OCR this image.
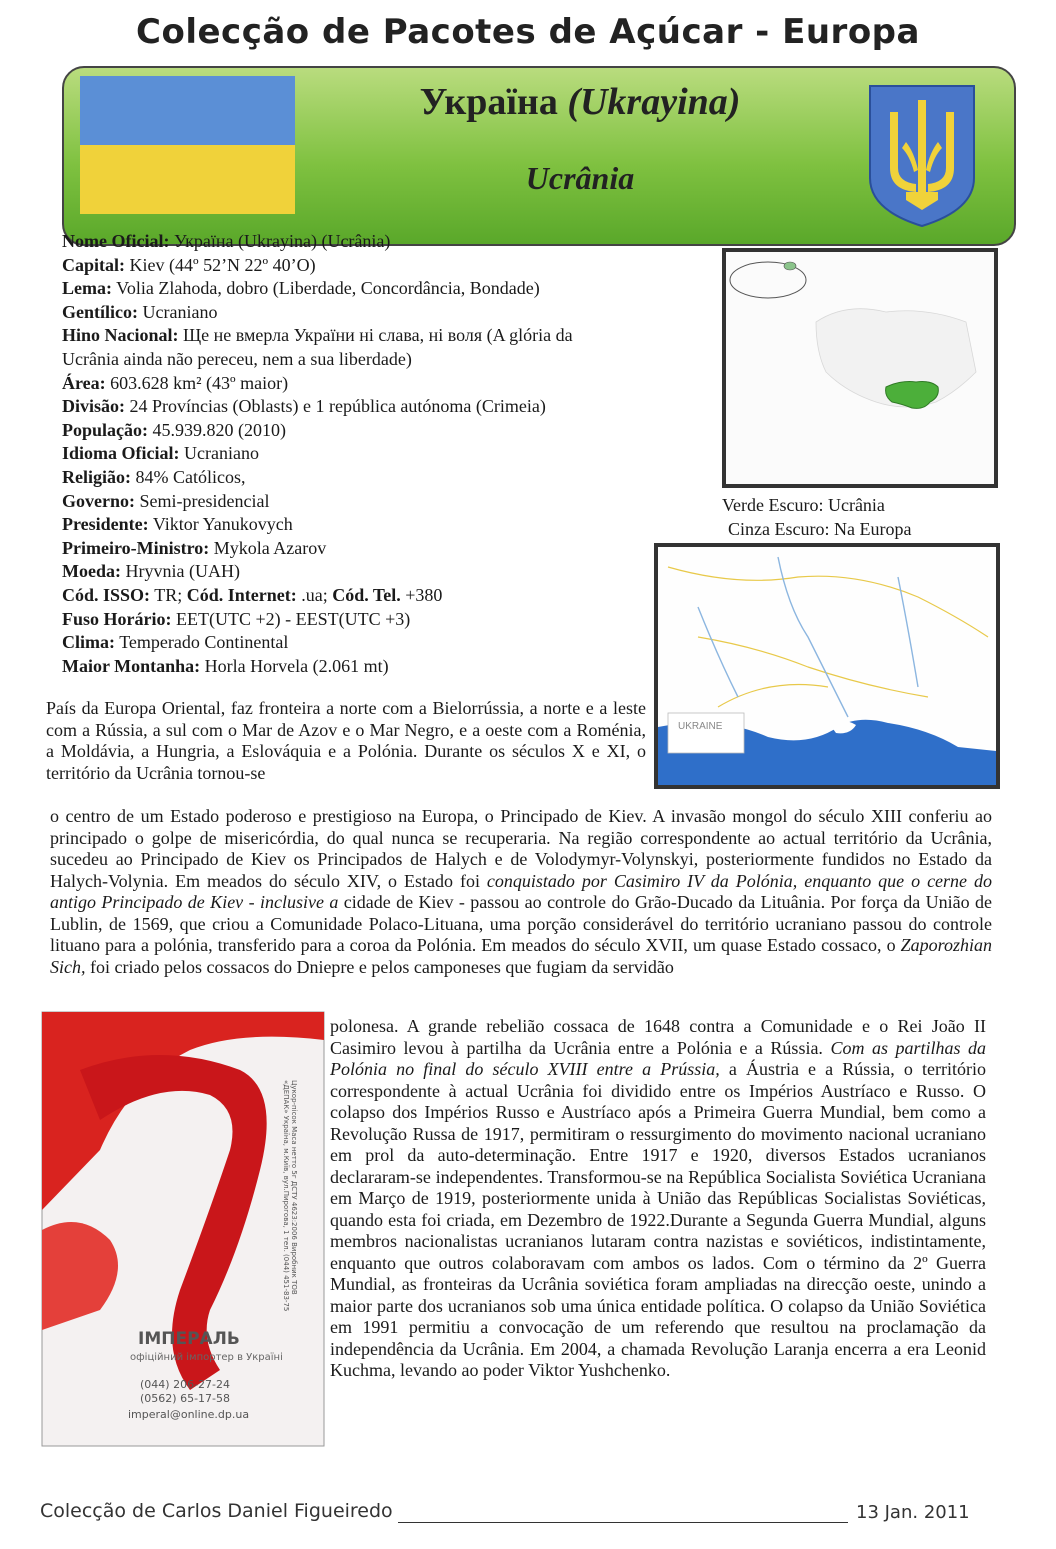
Colecção de Pacotes de Açúcar - Europa
Україна (Ukrayina)
Ucrânia
Nome Oficial: Україна (Ukrayina) (Ucrânia)
Capital: Kiev (44º 52’N 22º 40’O)
Lema: Volia Zlahoda, dobro (Liberdade, Concordância, Bondade)
Gentílico: Ucraniano
Hino Nacional: Ще не вмерла України ні слава, ні воля (A glória da
Ucrânia ainda não pereceu, nem a sua liberdade)
Área: 603.628 km² (43º maior)
Divisão: 24 Províncias (Oblasts) e 1 república autónoma (Crimeia)
População: 45.939.820 (2010)
Idioma Oficial: Ucraniano
Religião: 84% Católicos,
Governo: Semi-presidencial
Presidente: Viktor Yanukovych
Primeiro-Ministro: Mykola Azarov
Moeda: Hryvnia (UAH)
Cód. ISSO: TR; Cód. Internet: .ua; Cód. Tel. +380
Fuso Horário: EET(UTC +2) - EEST(UTC +3)
Clima: Temperado Continental
Maior Montanha: Horla Horvela (2.061 mt)
Verde Escuro: Ucrânia
Cinza Escuro: Na Europa
UKRAINE
País da Europa Oriental, faz fronteira a norte com a Bielorrússia, a norte e a leste com a Rússia, a sul com o Mar de Azov e o Mar Negro, e a oeste com a Roménia, a Moldávia, a Hungria, a Eslováquia e a Polónia. Durante os séculos X e XI, o território da Ucrânia tornou-se
o centro de um Estado poderoso e prestigioso na Europa, o Principado de Kiev. A invasão mongol do século XIII conferiu ao principado o golpe de misericórdia, do qual nunca se recuperaria. Na região correspondente ao actual território da Ucrânia, sucedeu ao Principado de Kiev os Principados de Halych e de Volodymyr-Volynskyi, posteriormente fundidos no Estado da Halych-Volynia. Em meados do século XIV, o Estado foi conquistado por Casimiro IV da Polónia, enquanto que o cerne do antigo Principado de Kiev - inclusive a cidade de Kiev - passou ao controle do Grão-Ducado da Lituânia. Por força da União de Lublin, de 1569, que criou a Comunidade Polaco-Lituana, uma porção considerável do território ucraniano passou do controle lituano para a polónia, transferido para a coroa da Polónia. Em meados do século XVII, um quase Estado cossaco, o Zaporozhian Sich, foi criado pelos cossacos do Dniepre e pelos camponeses que fugiam da servidão
polonesa. A grande rebelião cossaca de 1648 contra a Comunidade e o Rei João II Casimiro levou à partilha da Ucrânia entre a Polónia e a Rússia. Com as partilhas da Polónia no final do século XVIII entre a Prússia, a Áustria e a Rússia, o território correspondente à actual Ucrânia foi dividido entre os Impérios Austríaco e Russo. O colapso dos Impérios Russo e Austríaco após a Primeira Guerra Mundial, bem como a Revolução Russa de 1917, permitiram o ressurgimento do movimento nacional ucraniano em prol da auto-determinação. Entre 1917 e 1920, diversos Estados ucranianos declararam-se independentes. Transformou-se na República Socialista Soviética Ucraniana em Março de 1919, posteriormente unida à União das Repúblicas Socialistas Soviéticas, quando esta foi criada, em Dezembro de 1922.Durante a Segunda Guerra Mundial, alguns membros nacionalistas ucranianos lutaram contra nazistas e soviéticos, indistintamente, enquanto que outros colaboravam com ambos os lados. Com o término da 2º Guerra Mundial, as fronteiras da Ucrânia soviética foram ampliadas na direcção oeste, unindo a maior parte dos ucranianos sob uma única entidade política. O colapso da União Soviética em 1991 permitiu a convocação de um referendo que resultou na proclamação da independência da Ucrânia. Em 2004, a chamada Revolução Laranja encerra a era Leonid Kuchma, levando ao poder Viktor Yushchenko.
ІМПЕРАЛЬ
офіційний імпортер в Україні
(044) 206-27-24
(0562) 65-17-58
imperal@online.dp.ua
Цукор-пісок Маса нетто 5г ДСТУ 4623:2006 Виробник ТОВ
«ДЕПАК» Україна, м.Київ, вул.Пирогова, 1 тел. (044) 451-83-75
Colecção de Carlos Daniel Figueiredo	13 Jan. 2011
